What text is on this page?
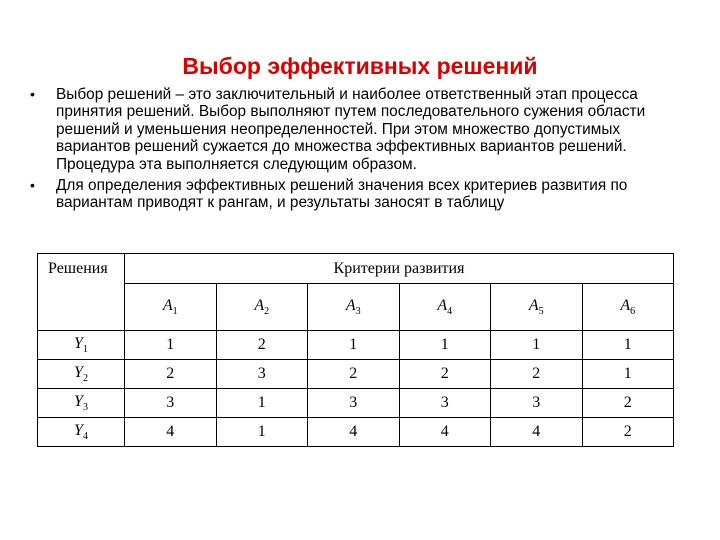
Выбор эффективных решений
• Выбор решений – это заключительный и наиболее ответственный этап процесса принятия решений. Выбор выполняют путем последовательного сужения области решений и уменьшения неопределенностей. При этом множество допустимых вариантов решений сужается до множества эффективных вариантов решений. Процедура эта выполняется следующим образом.
• Для определения эффективных решений значения всех критериев развития по вариантам приводят к рангам, и результаты заносят в таблицу
Решения	Критерии развития					
	$A_1$	$A_2$	$A_3$	$A_4$	$A_5$	$A_6$
$Y_1$	1	2	1	1	1	1
$Y_2$	2	3	2	2	2	1
$Y_3$	3	1	3	3	3	2
$Y_4$	4	1	4	4	4	2
